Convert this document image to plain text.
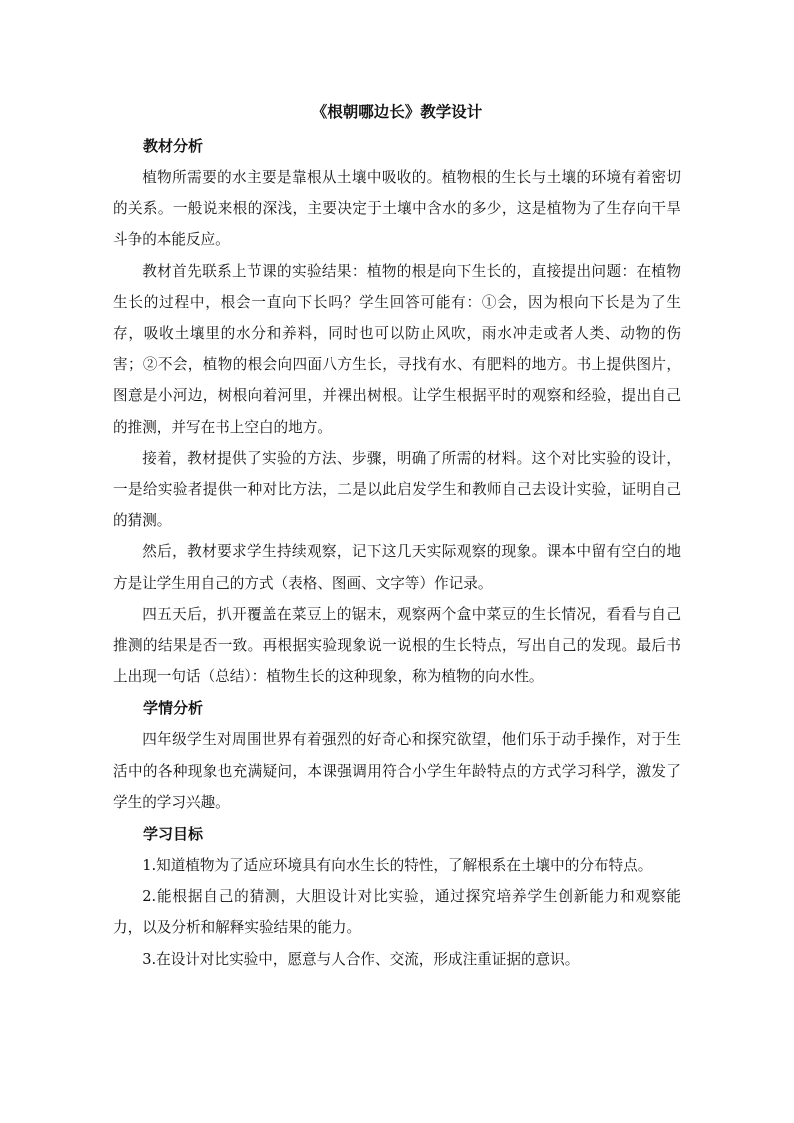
《根朝哪边长》教学设计

教材分析

植物所需要的水主要是靠根从土壤中吸收的。植物根的生长与土壤的环境有着密切的关系。一般说来根的深浅，主要决定于土壤中含水的多少，这是植物为了生存向干旱斗争的本能反应。

教材首先联系上节课的实验结果：植物的根是向下生长的，直接提出问题：在植物生长的过程中，根会一直向下长吗？学生回答可能有：①会，因为根向下长是为了生存，吸收土壤里的水分和养料，同时也可以防止风吹，雨水冲走或者人类、动物的伤害；②不会，植物的根会向四面八方生长，寻找有水、有肥料的地方。书上提供图片，图意是小河边，树根向着河里，并裸出树根。让学生根据平时的观察和经验，提出自己的推测，并写在书上空白的地方。

接着，教材提供了实验的方法、步骤，明确了所需的材料。这个对比实验的设计，一是给实验者提供一种对比方法，二是以此启发学生和教师自己去设计实验，证明自己的猜测。

然后，教材要求学生持续观察，记下这几天实际观察的现象。课本中留有空白的地方是让学生用自己的方式（表格、图画、文字等）作记录。

四五天后，扒开覆盖在菜豆上的锯末，观察两个盒中菜豆的生长情况，看看与自己推测的结果是否一致。再根据实验现象说一说根的生长特点，写出自己的发现。最后书上出现一句话（总结）：植物生长的这种现象，称为植物的向水性。

学情分析

四年级学生对周围世界有着强烈的好奇心和探究欲望，他们乐于动手操作，对于生活中的各种现象也充满疑问，本课强调用符合小学生年龄特点的方式学习科学，激发了学生的学习兴趣。

学习目标

1.知道植物为了适应环境具有向水生长的特性，了解根系在土壤中的分布特点。

2.能根据自己的猜测，大胆设计对比实验，通过探究培养学生创新能力和观察能力，以及分析和解释实验结果的能力。

3.在设计对比实验中，愿意与人合作、交流，形成注重证据的意识。
